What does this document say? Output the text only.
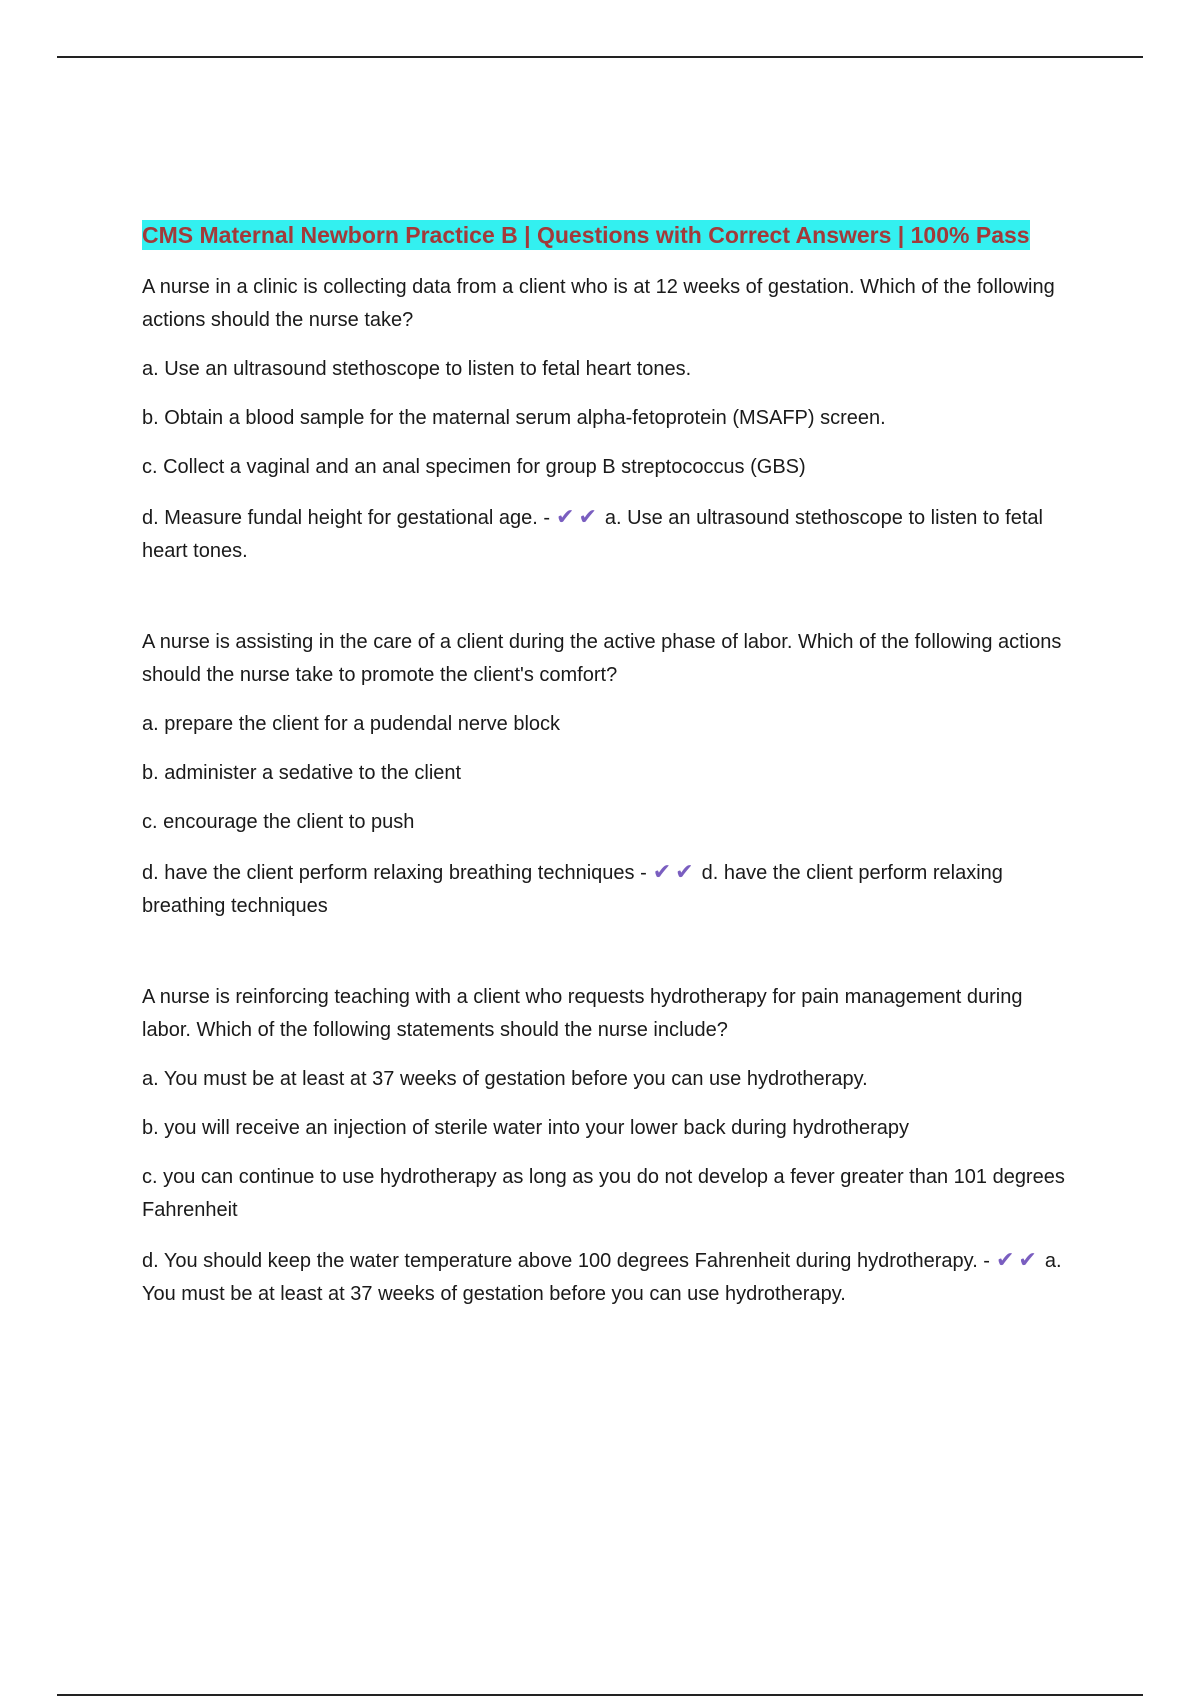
CMS Maternal Newborn Practice B | Questions with Correct Answers | 100% Pass

A nurse in a clinic is collecting data from a client who is at 12 weeks of gestation. Which of the following actions should the nurse take?

a. Use an ultrasound stethoscope to listen to fetal heart tones.

b. Obtain a blood sample for the maternal serum alpha-fetoprotein (MSAFP) screen.

c. Collect a vaginal and an anal specimen for group B streptococcus (GBS)

d. Measure fundal height for gestational age. - ✔✔ a. Use an ultrasound stethoscope to listen to fetal heart tones.

A nurse is assisting in the care of a client during the active phase of labor. Which of the following actions should the nurse take to promote the client's comfort?

a. prepare the client for a pudendal nerve block

b. administer a sedative to the client

c. encourage the client to push

d. have the client perform relaxing breathing techniques - ✔✔ d. have the client perform relaxing breathing techniques

A nurse is reinforcing teaching with a client who requests hydrotherapy for pain management during labor. Which of the following statements should the nurse include?

a. You must be at least at 37 weeks of gestation before you can use hydrotherapy.

b. you will receive an injection of sterile water into your lower back during hydrotherapy

c. you can continue to use hydrotherapy as long as you do not develop a fever greater than 101 degrees Fahrenheit

d. You should keep the water temperature above 100 degrees Fahrenheit during hydrotherapy. - ✔✔ a. You must be at least at 37 weeks of gestation before you can use hydrotherapy.
